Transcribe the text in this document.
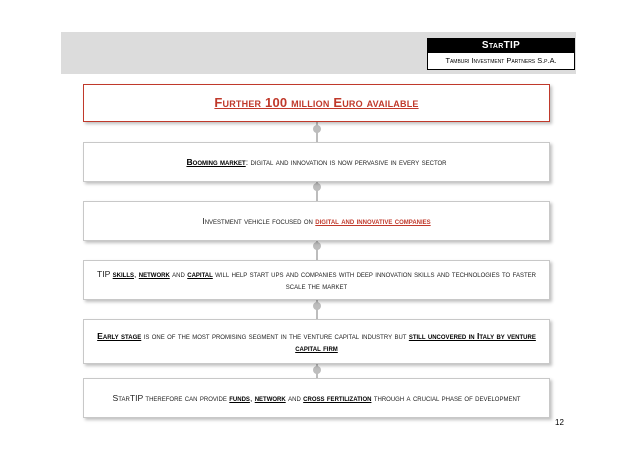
StarTIP
Tamburi Investment Partners S.p.A.
Further 100 million Euro available
Booming market: digital and innovation is now pervasive in every sector
Investment vehicle focused on digital and innovative companies
TIP skills, network and capital will help start ups and companies with deep innovation skills and technologies to faster scale the market
Early stage is one of the most promising segment in the venture capital industry but still uncovered in Italy by venture capital firm
StarTIP therefore can provide funds, network and cross fertilization through a crucial phase of development
12
